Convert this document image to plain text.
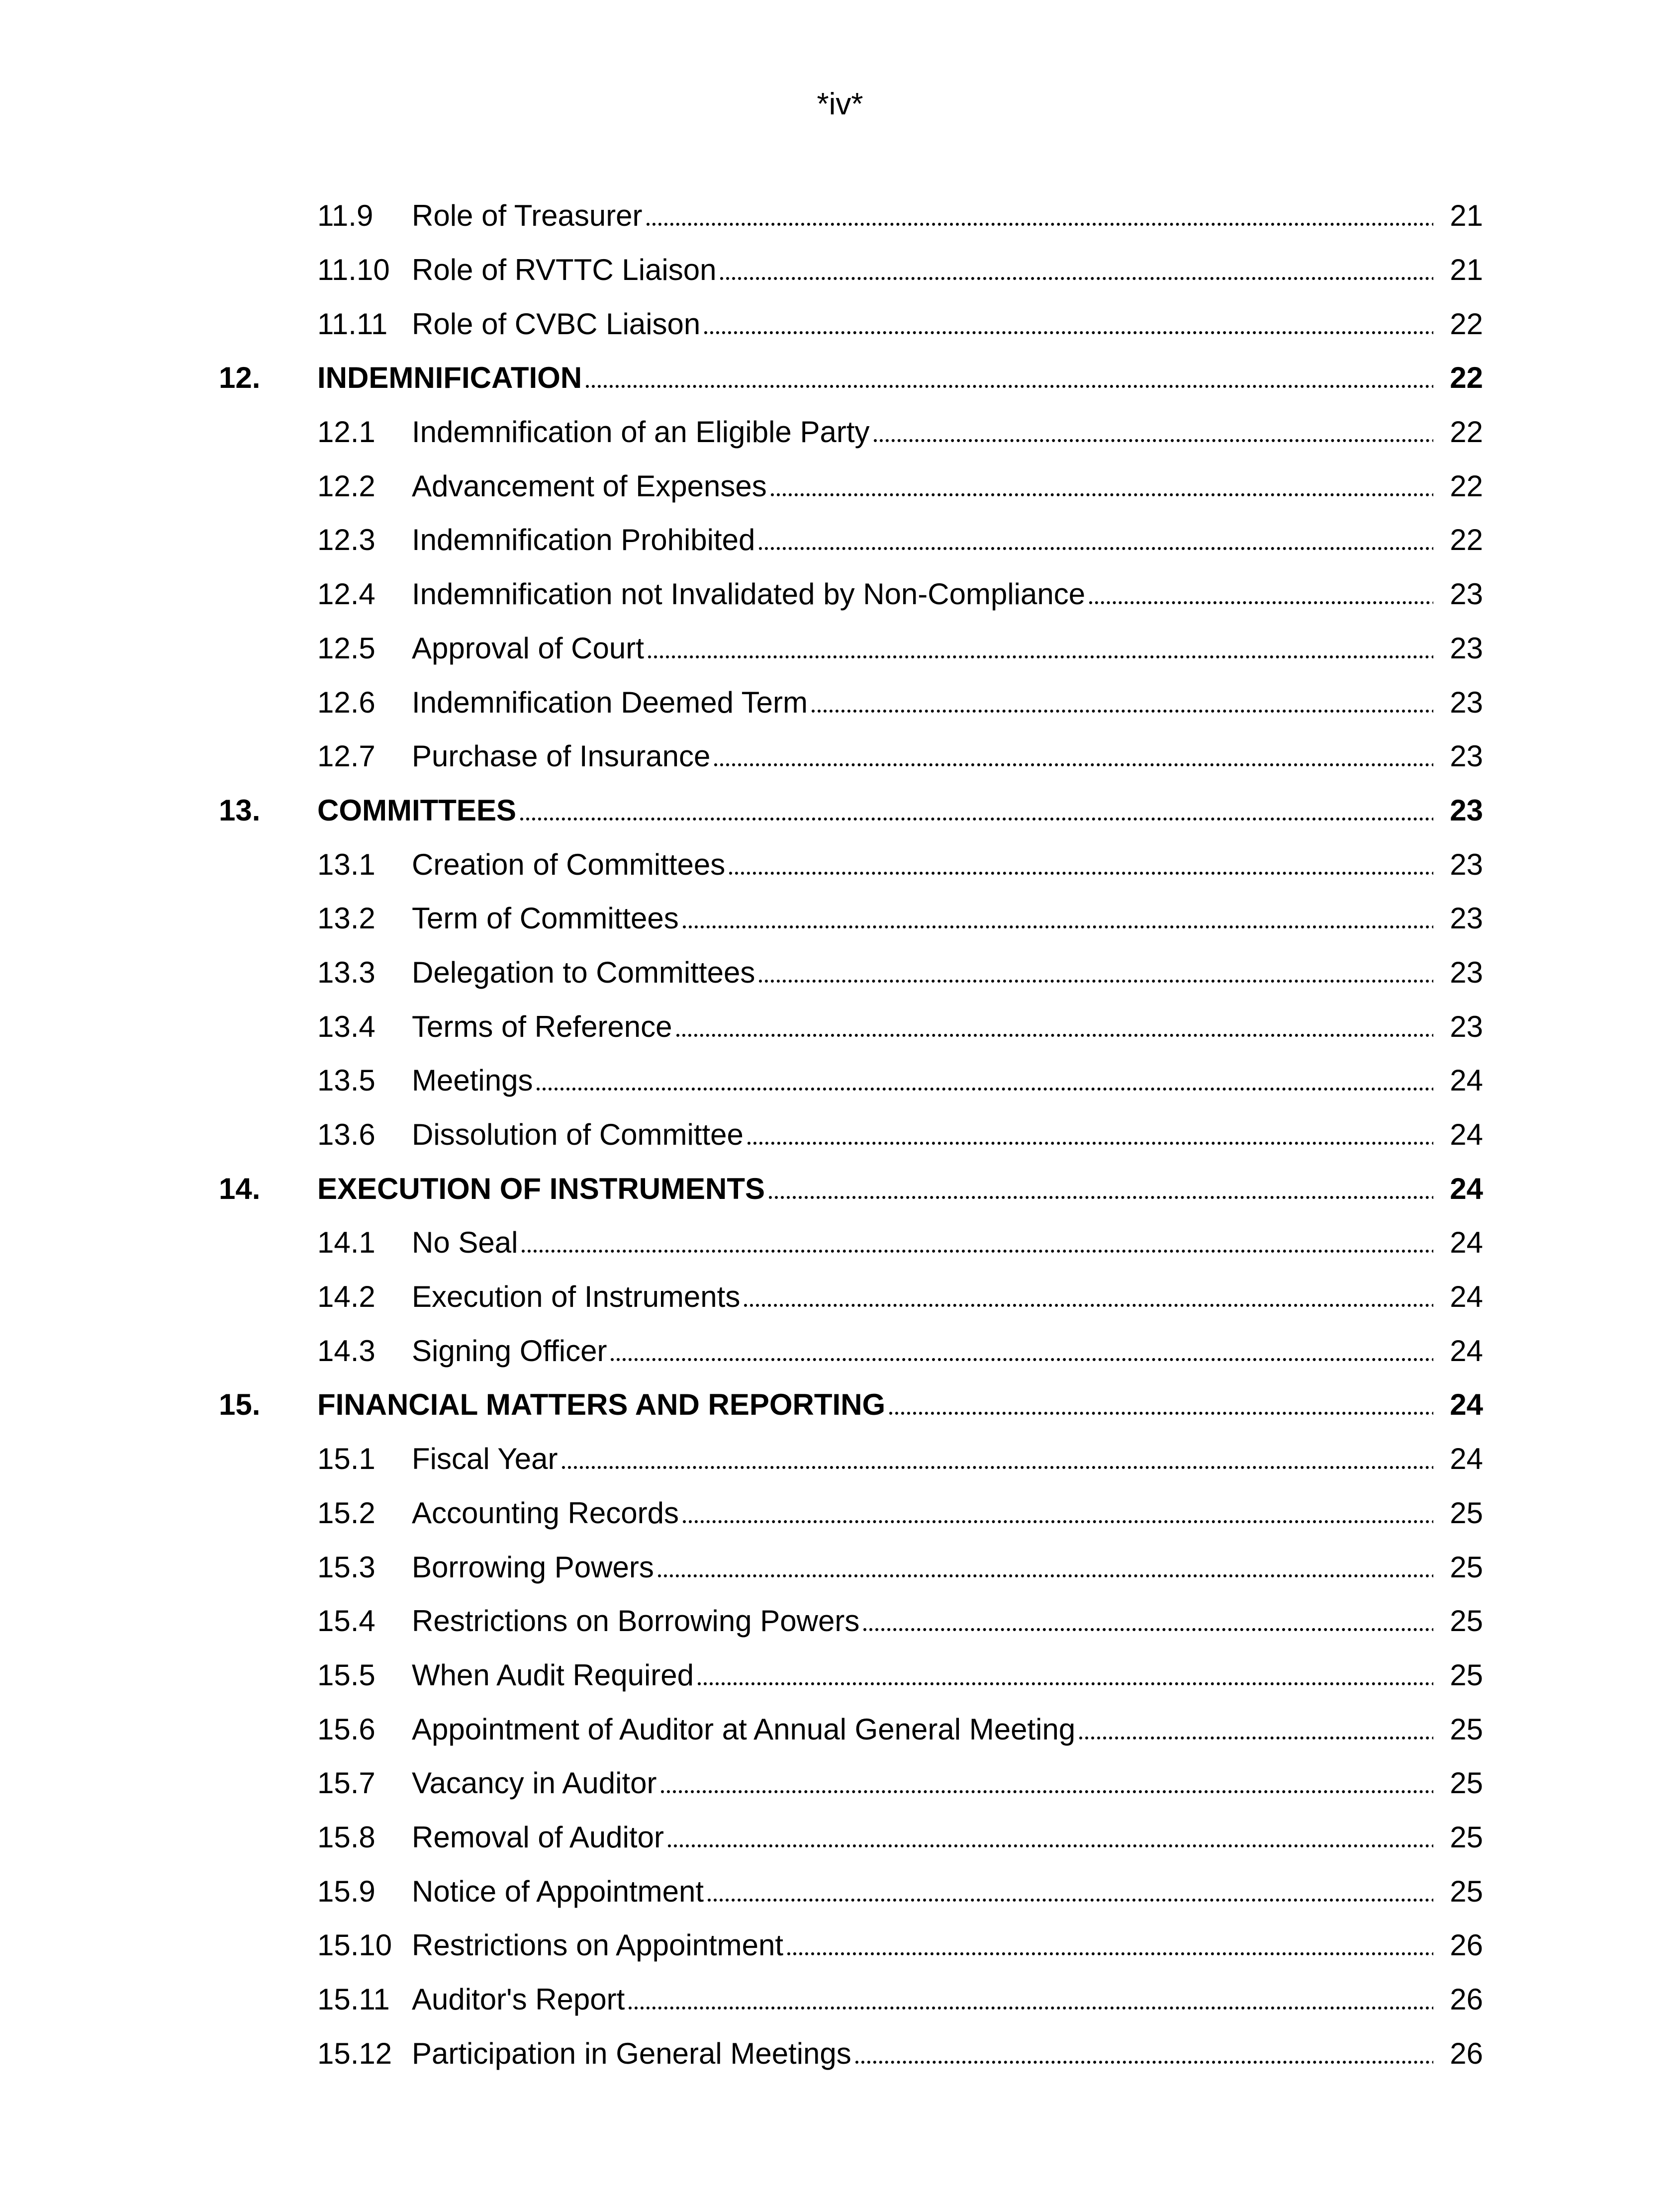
*iv*
11.9	Role of Treasurer	21
11.10 Role of RVTTC Liaison	21
11.11 Role of CVBC Liaison	22
12.	INDEMNIFICATION	22
12.1	Indemnification of an Eligible Party	22
12.2	Advancement of Expenses	22
12.3	Indemnification Prohibited	22
12.4	Indemnification not Invalidated by Non-Compliance	23
12.5	Approval of Court	23
12.6	Indemnification Deemed Term	23
12.7	Purchase of Insurance	23
13.	COMMITTEES	23
13.1	Creation of Committees	23
13.2	Term of Committees	23
13.3	Delegation to Committees	23
13.4	Terms of Reference	23
13.5	Meetings	24
13.6	Dissolution of Committee	24
14.	EXECUTION OF INSTRUMENTS	24
14.1	No Seal	24
14.2	Execution of Instruments	24
14.3	Signing Officer	24
15.	FINANCIAL MATTERS AND REPORTING	24
15.1	Fiscal Year	24
15.2	Accounting Records	25
15.3	Borrowing Powers	25
15.4	Restrictions on Borrowing Powers	25
15.5	When Audit Required	25
15.6	Appointment of Auditor at Annual General Meeting	25
15.7	Vacancy in Auditor	25
15.8	Removal of Auditor	25
15.9	Notice of Appointment	25
15.10 Restrictions on Appointment	26
15.11 Auditor's Report	26
15.12 Participation in General Meetings	26
